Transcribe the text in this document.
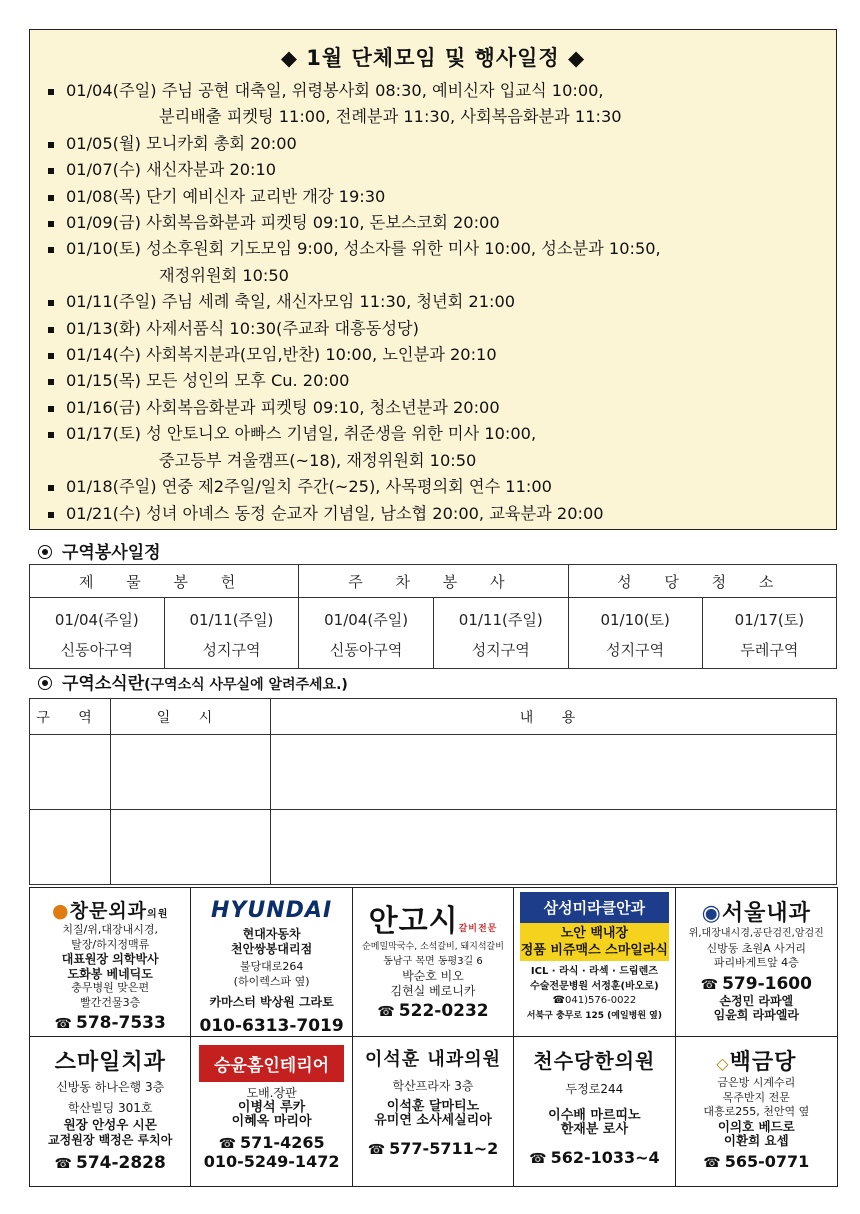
◆ 1월 단체모임 및 행사일정 ◆
01/04(주일) 주님 공현 대축일, 위령봉사회 08:30, 예비신자 입교식 10:00,
분리배출 피켓팅 11:00, 전례분과 11:30, 사회복음화분과 11:30
01/05(월) 모니카회 총회 20:00
01/07(수) 새신자분과 20:10
01/08(목) 단기 예비신자 교리반 개강 19:30
01/09(금) 사회복음화분과 피켓팅 09:10, 돈보스코회 20:00
01/10(토) 성소후원회 기도모임 9:00, 성소자를 위한 미사 10:00, 성소분과 10:50,
재정위원회 10:50
01/11(주일) 주님 세례 축일, 새신자모임 11:30, 청년회 21:00
01/13(화) 사제서품식 10:30(주교좌 대흥동성당)
01/14(수) 사회복지분과(모임,반찬) 10:00, 노인분과 20:10
01/15(목) 모든 성인의 모후 Cu. 20:00
01/16(금) 사회복음화분과 피켓팅 09:10, 청소년분과 20:00
01/17(토) 성 안토니오 아빠스 기념일, 취준생을 위한 미사 10:00,
중고등부 겨울캠프(~18), 재정위원회 10:50
01/18(주일) 연중 제2주일/일치 주간(~25), 사목평의회 연수 11:00
01/21(수) 성녀 아녜스 동정 순교자 기념일, 남소협 20:00, 교육분과 20:00
구역봉사일정
제 물 봉 헌		주 차 봉 사		성 당 청 소	
01/04(주일)	01/11(주일)	01/04(주일)	01/11(주일)	01/10(토)	01/17(토)
신동아구역	성지구역	신동아구역	성지구역	성지구역	두레구역
구역소식란(구역소식 사무실에 알려주세요.)
구 역	일 시	내 용

●창문외과의원
치질/위,대장내시경,
탈장/하지정맥류
대표원장 의학박사
도화봉 베네딕도
충무병원 맞은편
빨간건물3층
☎ 578-7533
HYUNDAI
현대자동차
천안쌍봉대리점
불당대로264
(하이렉스파 옆)
카마스터 박상원 그라토
010-6313-7019
안고시갈비전문
순메밀막국수, 소석갈비, 돼지석갈비
동남구 목면 동평3길 6
박순호 비오
김현실 베로니카
☎ 522-0232
삼성미라클안과
노안 백내장
정품 비쥬맥스 스마일라식
ICL · 라식 · 라섹 · 드림렌즈
수술전문병원 서정훈(바오로)
☎041)576-0022
서북구 충무로 125 (예일병원 옆)
◉서울내과
위,대장내시경,공단검진,암검진
신방동 초원A 사거리
파리바게트앞 4층
☎ 579-1600
손정민 라파엘
임윤희 라파엘라
스마일치과
신방동 하나은행 3층
학산빌딩 301호
원장 안성우 시몬
교정원장 백정은 루치아
☎ 574-2828
승윤홈인테리어
도배.장판
이병석 루카
이혜옥 마리아
☎ 571-4265
010-5249-1472
이석훈 내과의원
학산프라자 3층
이석훈 달마티노
유미연 소사세실리아
☎ 577-5711~2
천수당한의원
두정로244
이수배 마르띠노
한재분 로사
☎ 562-1033~4
◇백금당
금은방 시계수리
목주반지 전문
대흥로255, 천안역 옆
이의호 베드로
이환희 요셉
☎ 565-0771
